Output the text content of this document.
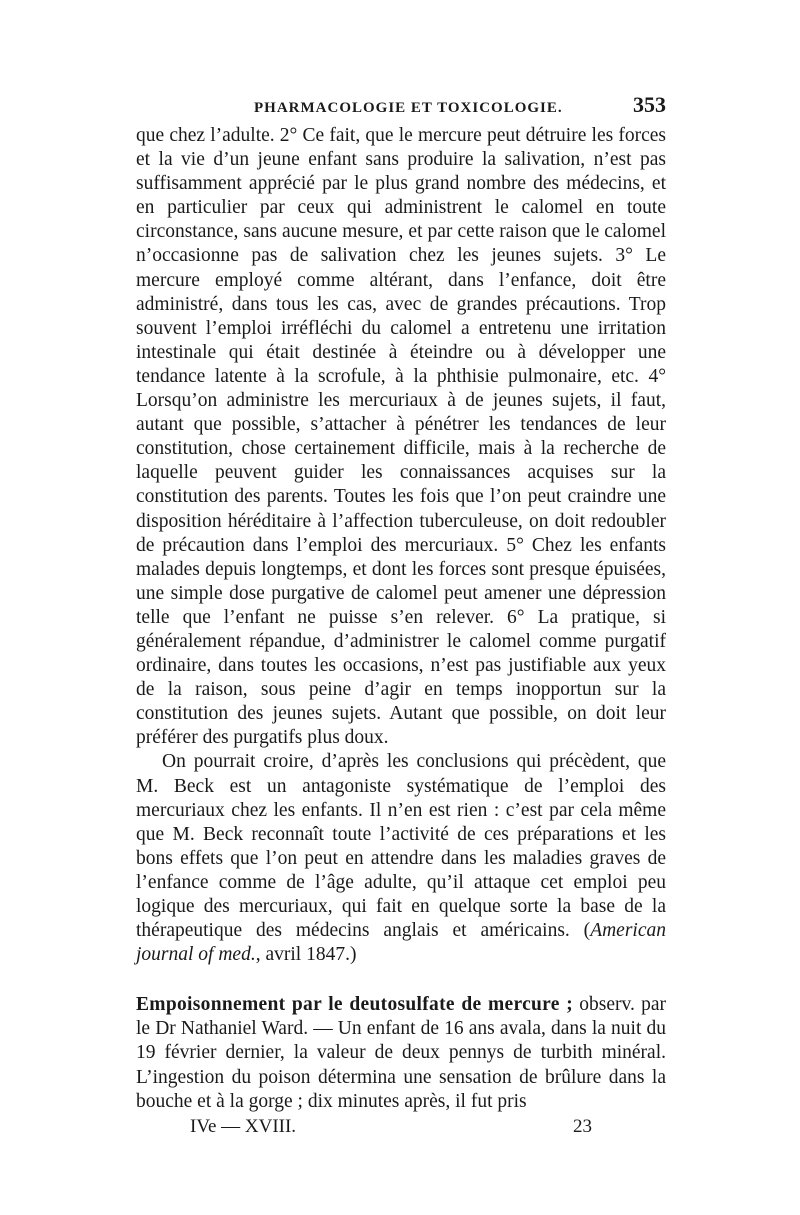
PHARMACOLOGIE ET TOXICOLOGIE.	353

que chez l’adulte. 2° Ce fait, que le mercure peut détruire les forces et la vie d’un jeune enfant sans produire la salivation, n’est pas suffisamment apprécié par le plus grand nombre des médecins, et en particulier par ceux qui administrent le calomel en toute circonstance, sans aucune mesure, et par cette raison que le calomel n’occasionne pas de salivation chez les jeunes sujets. 3° Le mercure employé comme altérant, dans l’enfance, doit être administré, dans tous les cas, avec de grandes précautions. Trop souvent l’emploi irréfléchi du calomel a entretenu une irritation intestinale qui était destinée à éteindre ou à développer une tendance latente à la scrofule, à la phthisie pulmonaire, etc. 4° Lorsqu’on administre les mercuriaux à de jeunes sujets, il faut, autant que possible, s’attacher à pénétrer les tendances de leur constitution, chose certainement difficile, mais à la recherche de laquelle peuvent guider les connaissances acquises sur la constitution des parents. Toutes les fois que l’on peut craindre une disposition héréditaire à l’affection tuberculeuse, on doit redoubler de précaution dans l’emploi des mercuriaux. 5° Chez les enfants malades depuis longtemps, et dont les forces sont presque épuisées, une simple dose purgative de calomel peut amener une dépression telle que l’enfant ne puisse s’en relever. 6° La pratique, si généralement répandue, d’administrer le calomel comme purgatif ordinaire, dans toutes les occasions, n’est pas justifiable aux yeux de la raison, sous peine d’agir en temps inopportun sur la constitution des jeunes sujets. Autant que possible, on doit leur préférer des purgatifs plus doux.

On pourrait croire, d’après les conclusions qui précèdent, que M. Beck est un antagoniste systématique de l’emploi des mercuriaux chez les enfants. Il n’en est rien : c’est par cela même que M. Beck reconnaît toute l’activité de ces préparations et les bons effets que l’on peut en attendre dans les maladies graves de l’enfance comme de l’âge adulte, qu’il attaque cet emploi peu logique des mercuriaux, qui fait en quelque sorte la base de la thérapeutique des médecins anglais et américains. (American journal of med., avril 1847.)

Empoisonnement par le deutosulfate de mercure ; observ. par le Dr Nathaniel Ward. — Un enfant de 16 ans avala, dans la nuit du 19 février dernier, la valeur de deux pennys de turbith minéral. L’ingestion du poison détermina une sensation de brûlure dans la bouche et à la gorge ; dix minutes après, il fut pris

IVe — XVIII.	23
